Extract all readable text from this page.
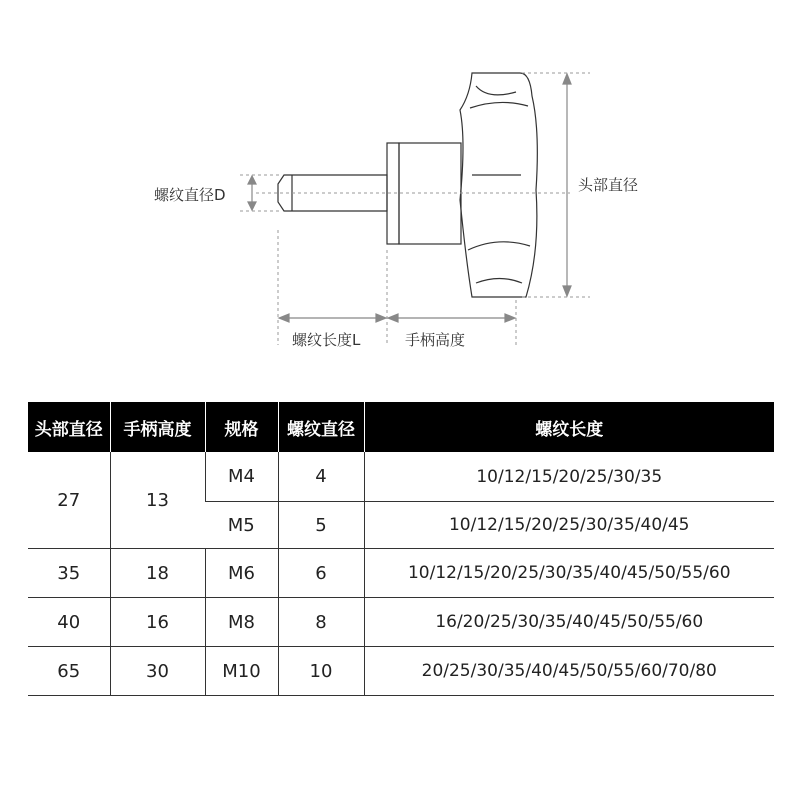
螺纹直径D
头部直径
螺纹长度L	手柄高度
头部直径	手柄高度	规格	螺纹直径	螺纹长度
27	13	M4	4	10/12/15/20/25/30/35
		M5	5	10/12/15/20/25/30/35/40/45
35	18	M6	6	10/12/15/20/25/30/35/40/45/50/55/60
40	16	M8	8	16/20/25/30/35/40/45/50/55/60
65	30	M10	10	20/25/30/35/40/45/50/55/60/70/80
